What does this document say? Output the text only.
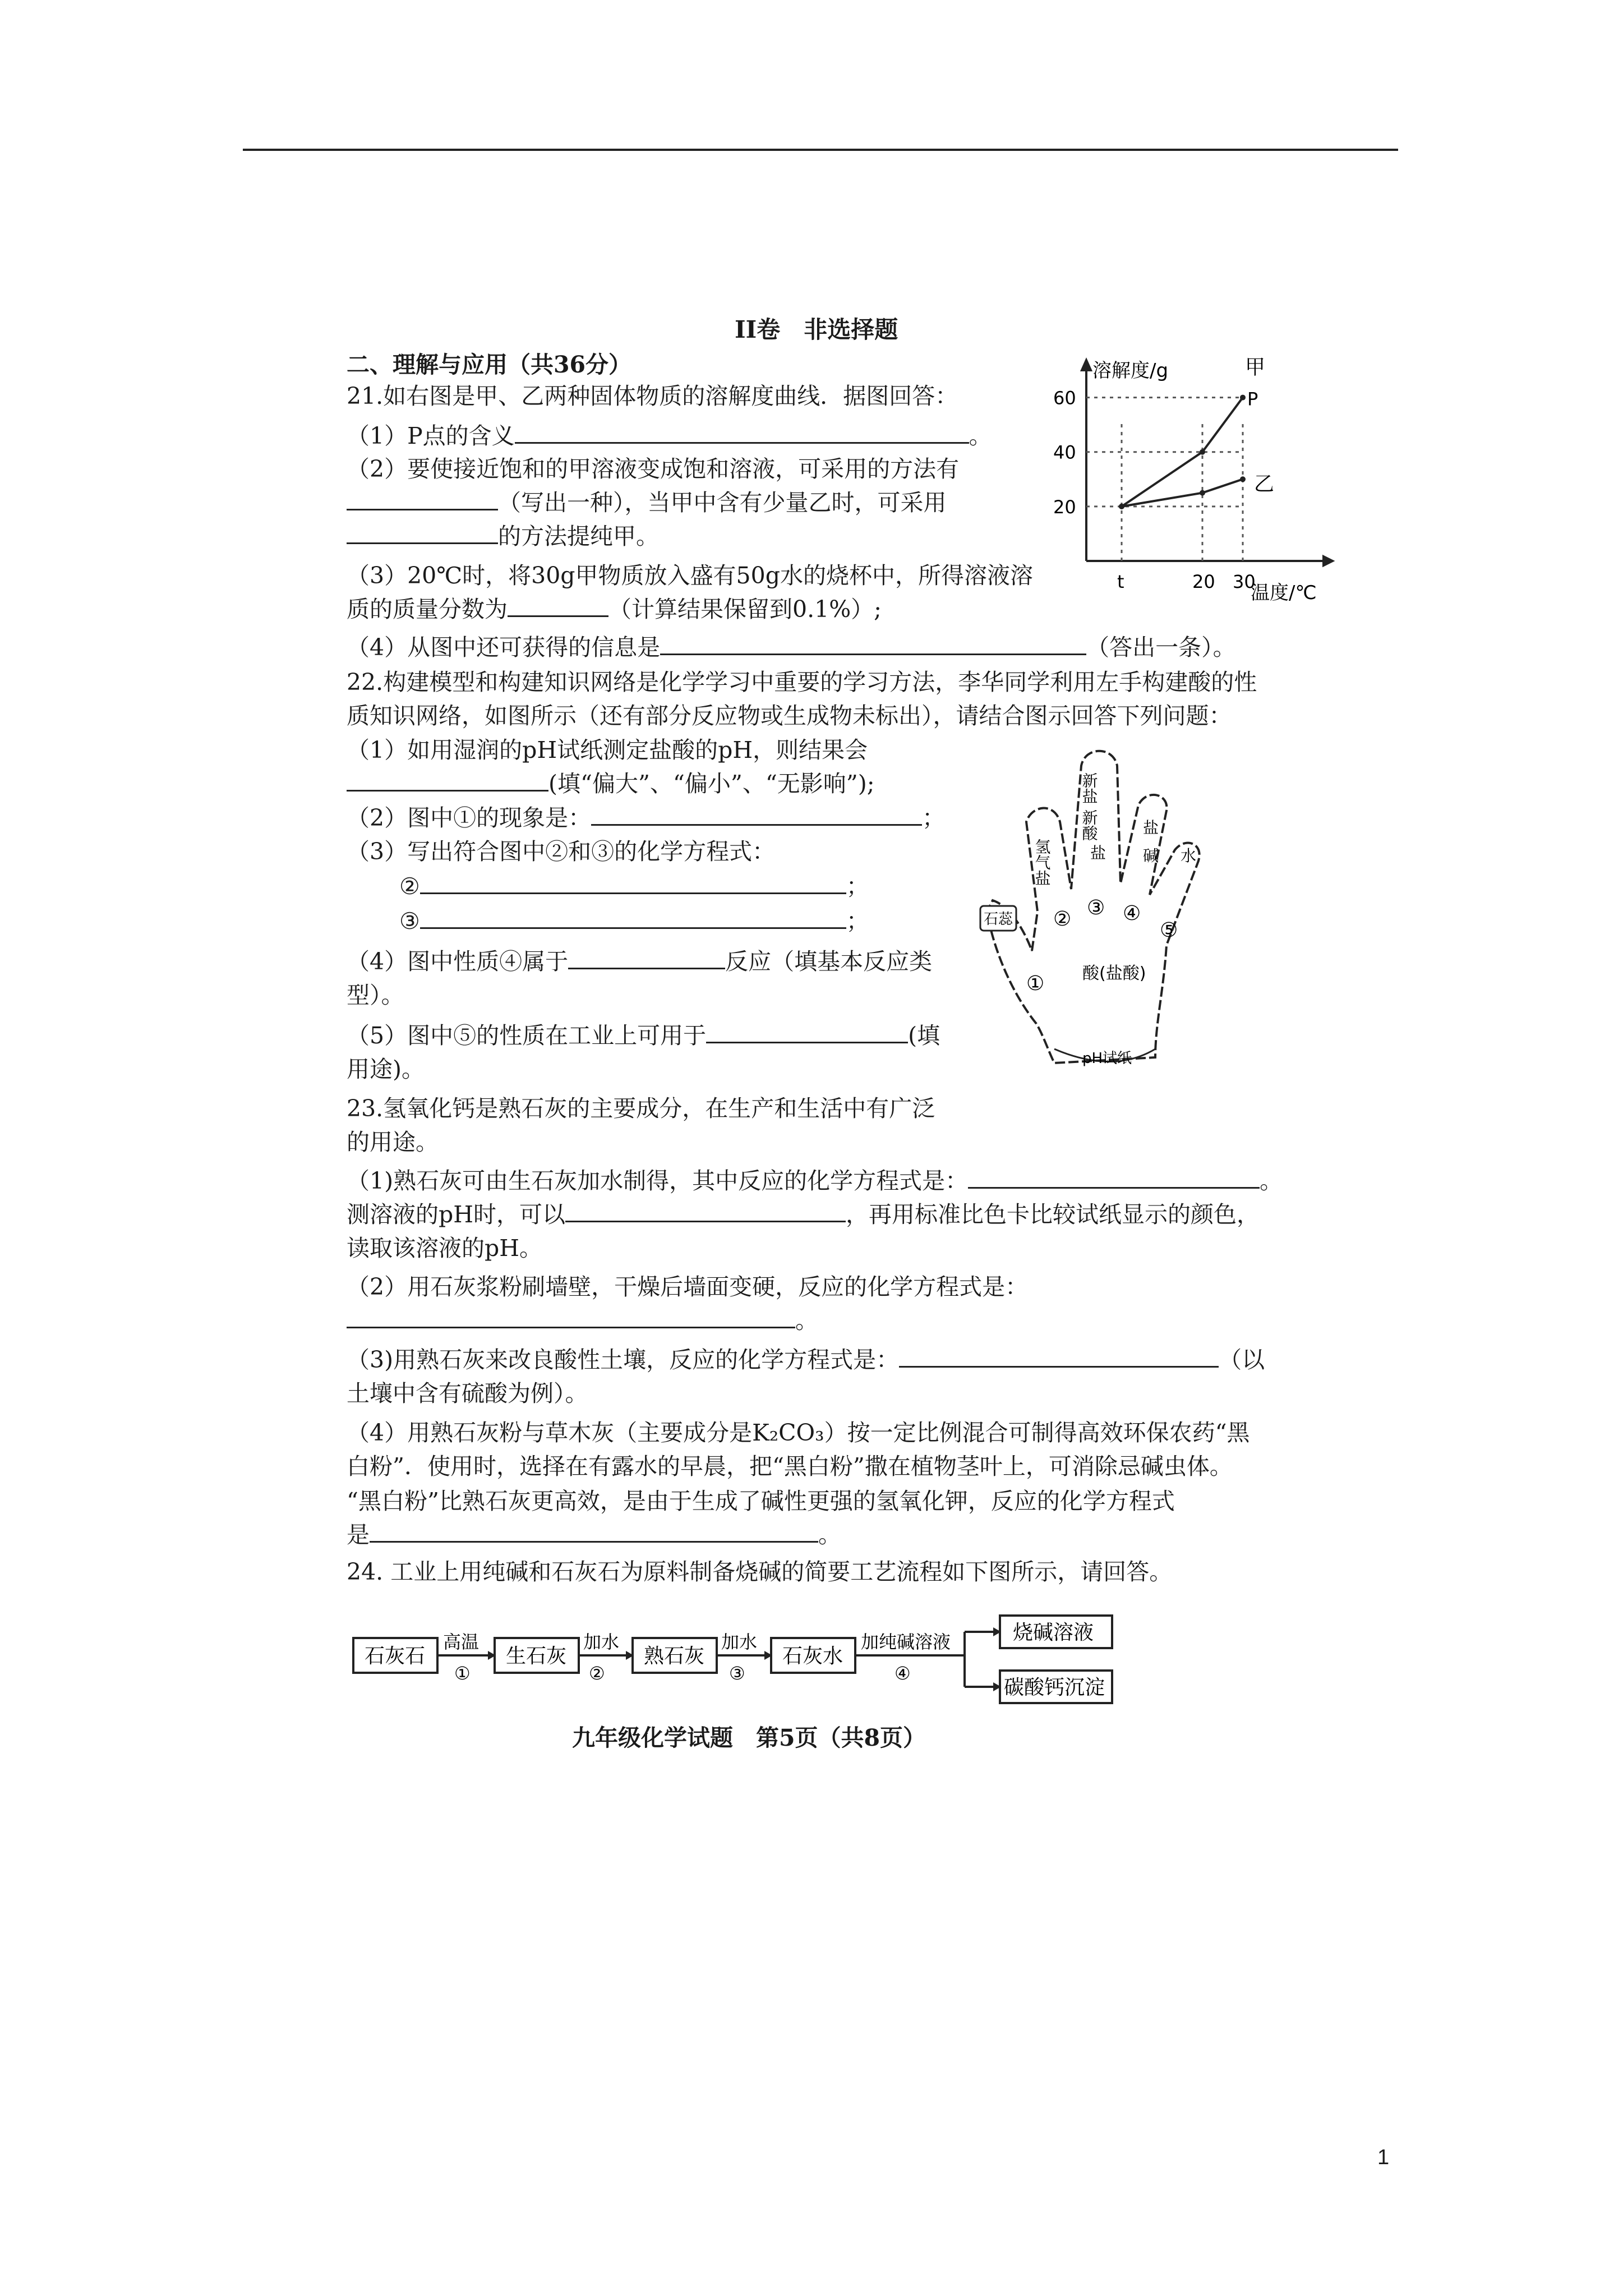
II卷　非选择题
二、理解与应用（共36分）
21.如右图是甲、乙两种固体物质的溶解度曲线．据图回答：
（1）P点的含义	。
（2）要使接近饱和的甲溶液变成饱和溶液，可采用的方法有
（写出一种），当甲中含有少量乙时，可采用
的方法提纯甲。
（3）20℃时，将30g甲物质放入盛有50g水的烧杯中，所得溶液溶
质的质量分数为	（计算结果保留到0.1%）;
（4）从图中还可获得的信息是	（答出一条）。
20
40
60
t	20 30
甲
乙
P
溶解度/g
温度/℃
22.构建模型和构建知识网络是化学学习中重要的学习方法，李华同学利用左手构建酸的性
质知识网络，如图所示（还有部分反应物或生成物未标出），请结合图示回答下列问题：
（1）如用湿润的pH试纸测定盐酸的pH，则结果会
(填“偏大”、“偏小”、“无影响”);
（2）图中①的现象是：	；
（3）写出符合图中②和③的化学方程式：
②	；
③	；
（4）图中性质④属于	反应（填基本反应类
型）。
（5）图中⑤的性质在工业上可用于	(填
用途)。
石蕊
氢气盐
新盐
新酸
盐
盐
碱 水
①
② ③ ④
⑤
酸(盐酸)
pH试纸
23.氢氧化钙是熟石灰的主要成分，在生产和生活中有广泛
的用途。
（1)熟石灰可由生石灰加水制得，其中反应的化学方程式是：	。
测溶液的pH时，可以	，再用标准比色卡比较试纸显示的颜色，
读取该溶液的pH。
（2）用石灰浆粉刷墙壁，干燥后墙面变硬，反应的化学方程式是：
。
（3)用熟石灰来改良酸性土壤，反应的化学方程式是：	（以
土壤中含有硫酸为例）。
（4）用熟石灰粉与草木灰（主要成分是K₂CO₃）按一定比例混合可制得高效环保农药“黑
白粉”．使用时，选择在有露水的早晨，把“黑白粉”撒在植物茎叶上，可消除忌碱虫体。
“黑白粉”比熟石灰更高效，是由于生成了碱性更强的氢氧化钾，反应的化学方程式
是	。
24. 工业上用纯碱和石灰石为原料制备烧碱的简要工艺流程如下图所示，请回答。
石灰石	生石灰	熟石灰	石灰水
烧碱溶液
碳酸钙沉淀
高温	加水	加水	加纯碱溶液
①	②	③	④
九年级化学试题　第5页（共8页）
1
